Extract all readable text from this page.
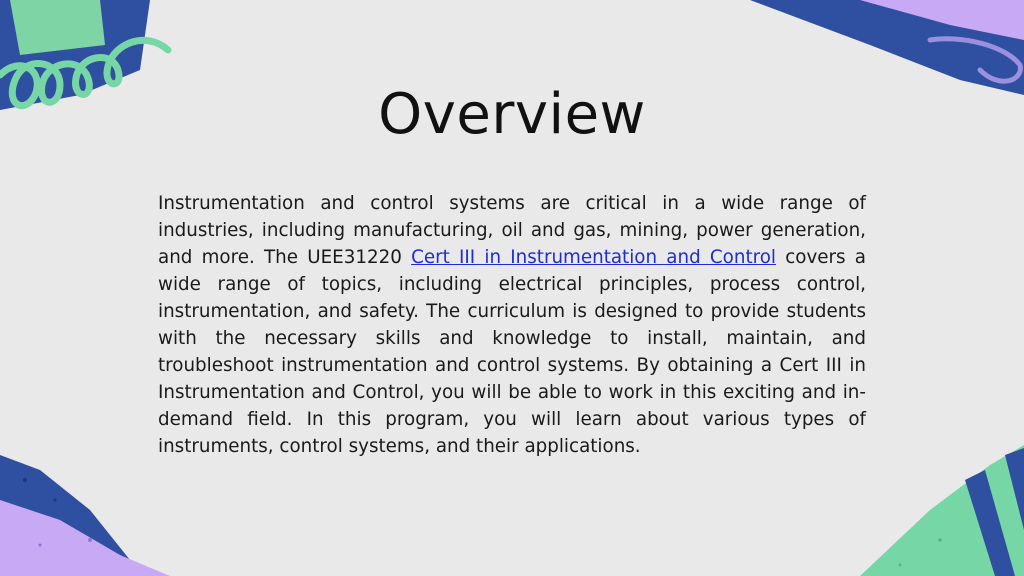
Overview

Instrumentation and control systems are critical in a wide range of industries, including manufacturing, oil and gas, mining, power generation, and more. The UEE31220 Cert III in Instrumentation and Control covers a wide range of topics, including electrical principles, process control, instrumentation, and safety. The curriculum is designed to provide students with the necessary skills and knowledge to install, maintain, and troubleshoot instrumentation and control systems. By obtaining a Cert III in Instrumentation and Control, you will be able to work in this exciting and in-demand field. In this program, you will learn about various types of instruments, control systems, and their applications.
